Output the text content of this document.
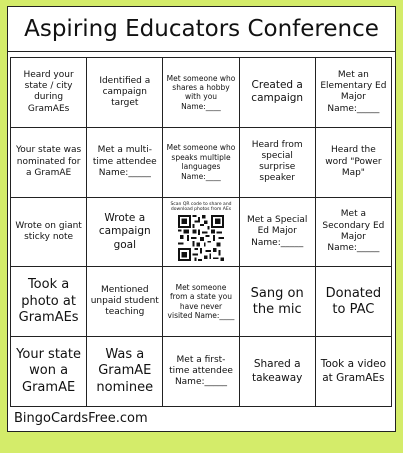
Aspiring Educators Conference
Heard your state / city during GramAEs
Identified a campaign target
Met someone who shares a hobby with you Name:____
Created a campaign
Met an Elementary Ed Major Name:_____
Your state was nominated for a GramAE
Met a multi-time attendee Name:_____
Met someone who speaks multiple languages Name:____
Heard from special surprise speaker
Heard the word "Power Map"
Wrote on giant sticky note
Wrote a campaign goal
Scan QR code to share and download photos from AEs
Met a Special Ed Major Name:_____
Met a Secondary Ed Major Name:_____
Took a photo at GramAEs
Mentioned unpaid student teaching
Met someone from a state you have never visited Name:____
Sang on the mic
Donated to PAC
Your state won a GramAE
Was a GramAE nominee
Met a first-time attendee Name:_____
Shared a takeaway
Took a video at GramAEs
BingoCardsFree.com
